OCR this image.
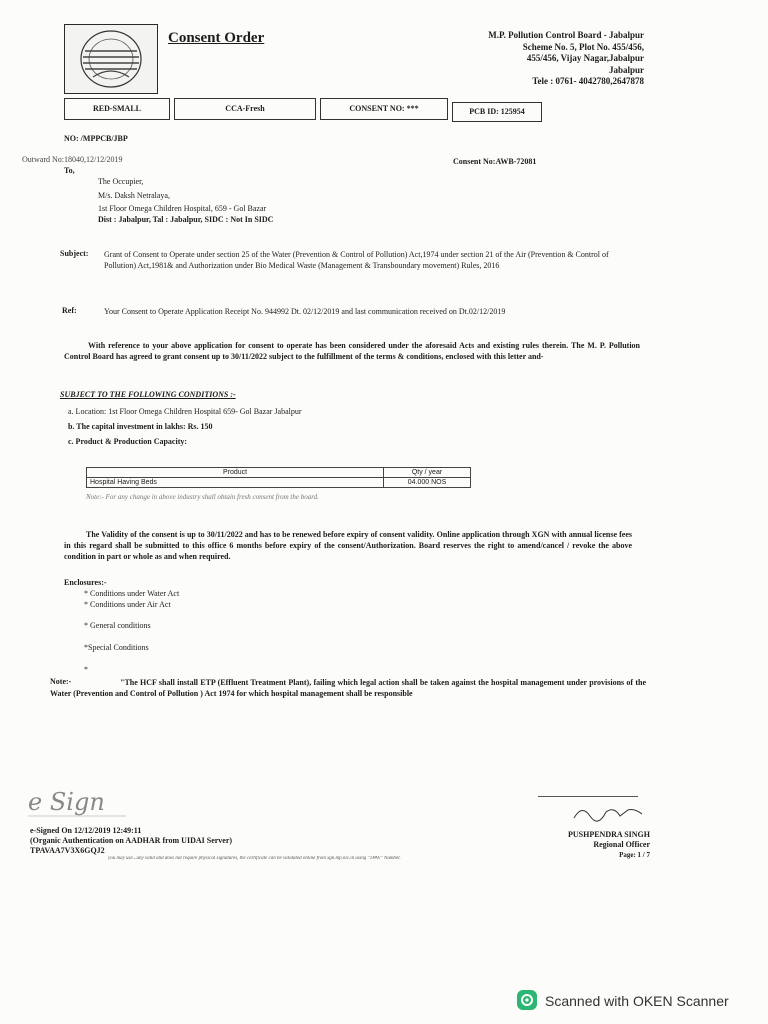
Consent Order	M.P. Pollution Control Board - Jabalpur
Scheme No. 5, Plot No. 455/456,
455/456, Vijay Nagar,Jabalpur
Jabalpur
Tele : 0761- 4042780,2647878
RED-SMALL	CCA-Fresh	CONSENT NO: ***	PCB ID: 125954
NO: /MPPCB/JBP
Outward No:18040,12/12/2019	Consent No:AWB-72081
To,
The Occupier,
M/s. Daksh Netralaya,
1st Floor Omega Children Hospital, 659 - Gol Bazar
Dist : Jabalpur, Tal : Jabalpur, SIDC : Not In SIDC
Subject: Grant of Consent to Operate under section 25 of the Water (Prevention & Control of Pollution) Act,1974 under section 21 of the Air (Prevention & Control of Pollution) Act,1981& and Authorization under Bio Medical Waste (Management & Transboundary movement) Rules, 2016
Ref:	Your Consent to Operate Application Receipt No. 944992 Dt. 02/12/2019 and last communication received on Dt.02/12/2019
With reference to your above application for consent to operate has been considered under the aforesaid Acts and existing rules therein. The M. P. Pollution Control Board has agreed to grant consent up to 30/11/2022 subject to the fulfillment of the terms & conditions, enclosed with this letter and-
SUBJECT TO THE FOLLOWING CONDITIONS :-
a. Location: 1st Floor Omega Children Hospital 659- Gol Bazar Jabalpur
b. The capital investment in lakhs: Rs. 150
c. Product & Production Capacity:
Product	Qty / year
Hospital Having Beds	04.000 NOS
Note:- For any change in above industry shall obtain fresh consent from the board.
The Validity of the consent is up to 30/11/2022 and has to be renewed before expiry of consent validity. Online application through XGN with annual license fees in this regard shall be submitted to this office 6 months before expiry of the consent/Authorization. Board reserves the right to amend/cancel / revoke the above condition in part or whole as and when required.
Enclosures:-
* Conditions under Water Act
* Conditions under Air Act
* General conditions
*Special Conditions
*
Note:-	"The HCF shall install ETP (Effluent Treatment Plant), failing which legal action shall be taken against the hospital management under provisions of the Water (Prevention and Control of Pollution ) Act 1974 for which hospital management shall be responsible
e Sign
e-Signed On 12/12/2019 12:49:11
(Organic Authentication on AADHAR from UIDAI Server)
TPAVAA7V3X6GQJ2
you may use...any valid and does not require physical signatures, the certificate can be validated online from xgn.mp.nic.in using "TPAV" Number.
PUSHPENDRA SINGH
Regional Officer
Page: 1 / 7
Scanned with OKEN Scanner
